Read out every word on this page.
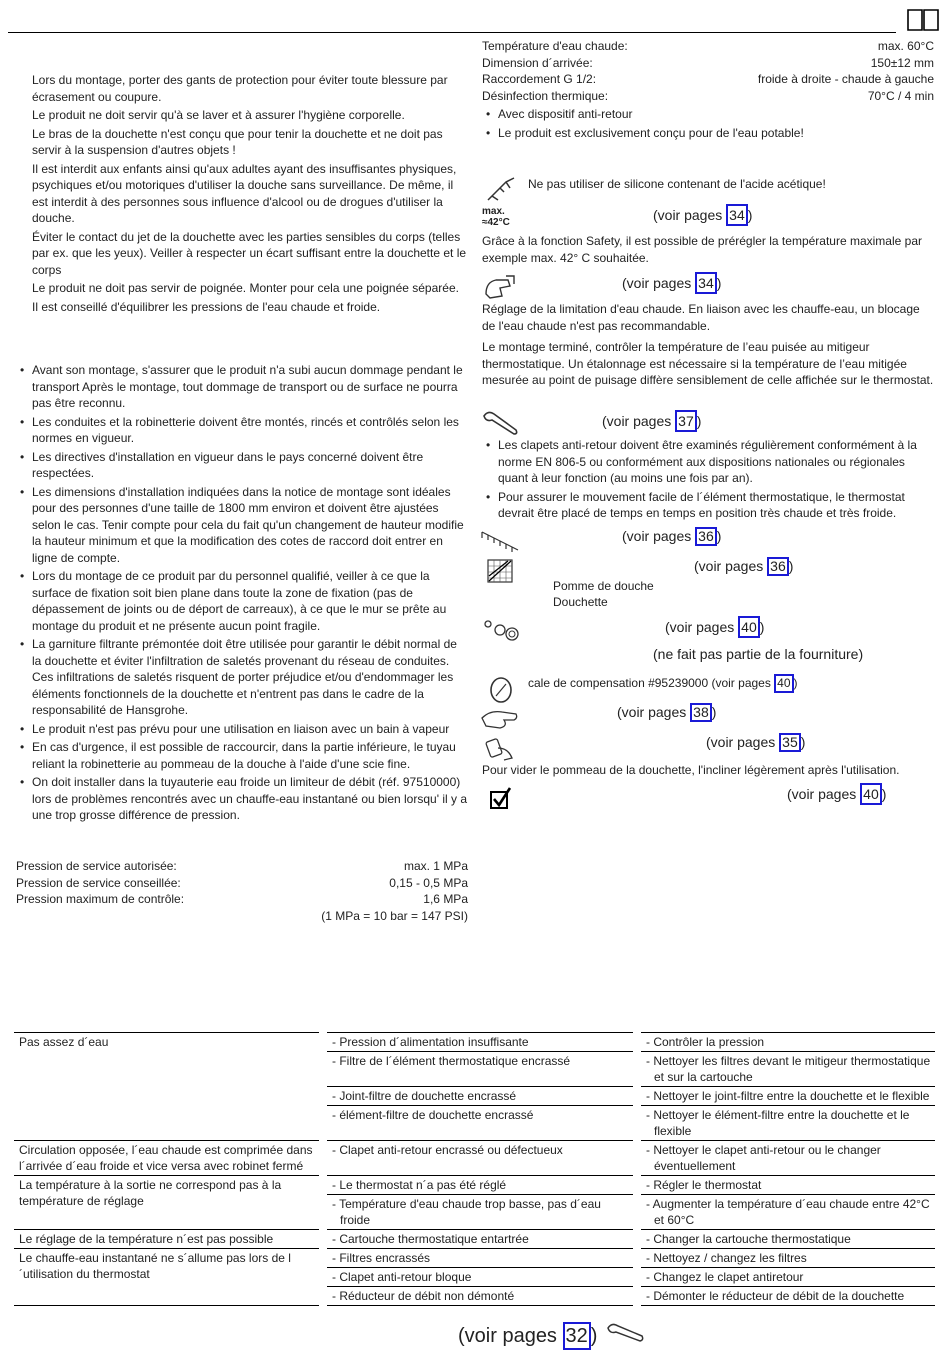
Lors du montage, porter des gants de protection pour éviter toute blessure par écrasement ou coupure.

Le produit ne doit servir qu'à se laver et à assurer l'hygiène corporelle.

Le bras de la douchette n'est conçu que pour tenir la douchette et ne doit pas servir à la suspension d'autres objets !

Il est interdit aux enfants ainsi qu'aux adultes ayant des insuffisantes physiques, psychiques et/ou motoriques d'utiliser la douche sans surveillance. De même, il est interdit à des personnes sous influence d'alcool ou de drogues d'utiliser la douche.

Éviter le contact du jet de la douchette avec les parties sensibles du corps (telles par ex. que les yeux). Veiller à respecter un écart suffisant entre la douchette et le corps

Le produit ne doit pas servir de poignée. Monter pour cela une poignée séparée.

Il est conseillé d'équilibrer les pressions de l'eau chaude et froide.

• Avant son montage, s'assurer que le produit n'a subi aucun dommage pendant le transport Après le montage, tout dommage de transport ou de surface ne pourra pas être reconnu.

• Les conduites et la robinetterie doivent être montés, rincés et contrôlés selon les normes en vigueur.

• Les directives d'installation en vigueur dans le pays concerné doivent être respectées.

• Les dimensions d'installation indiquées dans la notice de montage sont idéales pour des personnes d'une taille de 1800 mm environ et doivent être ajustées selon le cas. Tenir compte pour cela du fait qu'un changement de hauteur modifie la hauteur minimum et que la modification des cotes de raccord doit entrer en ligne de compte.

• Lors du montage de ce produit par du personnel qualifié, veiller à ce que la surface de fixation soit bien plane dans toute la zone de fixation (pas de dépassement de joints ou de déport de carreaux), à ce que le mur se prête au montage du produit et ne présente aucun point fragile.

• La garniture filtrante prémontée doit être utilisée pour garantir le débit normal de la douchette et éviter l'infiltration de saletés provenant du réseau de conduites. Ces infiltrations de saletés risquent de porter préjudice et/ou d'endommager les éléments fonctionnels de la douchette et n'entrent pas dans le cadre de la responsabilité de Hansgrohe.

• Le produit n'est pas prévu pour une utilisation en liaison avec un bain à vapeur

• En cas d'urgence, il est possible de raccourcir, dans la partie inférieure, le tuyau reliant la robinetterie au pommeau de la douche à l'aide d'une scie fine.

• On doit installer dans la tuyauterie eau froide un limiteur de débit (réf. 97510000) lors de problèmes rencontrés avec un chauffe-eau instantané ou bien lorsqu' il y a une trop grosse différence de pression.

Pression de service autorisée:	max. 1 MPa
Pression de service conseillée:	0,15 - 0,5 MPa
Pression maximum de contrôle:	1,6 MPa
(1 MPa = 10 bar = 147 PSI)
Température d'eau chaude:	max. 60°C
Dimension d´arrivée:	150±12 mm
Raccordement G 1/2:	froide à droite - chaude à gauche
Désinfection thermique:	70°C / 4 min

• Avec dispositif anti-retour

• Le produit est exclusivement conçu pour de l'eau potable!

Ne pas utiliser de silicone contenant de l'acide acétique!
max.
≈42°C	(voir pages 34 )
Grâce à la fonction Safety, il est possible de prérégler la température maximale par exemple max. 42° C souhaitée.
(voir pages 34 )
Réglage de la limitation d'eau chaude. En liaison avec les chauffe-eau, un blocage de l'eau chaude n'est pas recommandable.
Le montage terminé, contrôler la température de l’eau puisée au mitigeur thermostatique. Un étalonnage est nécessaire si la température de l’eau mitigée mesurée au point de puisage diffère sensiblement de celle affichée sur le thermostat.
(voir pages 37 )

• Les clapets anti-retour doivent être examinés régulièrement conformément à la norme EN 806-5 ou conformément aux dispositions nationales ou régionales quant à leur fonction (au moins une fois par an).

• Pour assurer le mouvement facile de l´élément thermostatique, le thermostat devrait être placé de temps en temps en position très chaude et très froide.

(voir pages 36 )
(voir pages 36 )
Pomme de douche
Douchette
(voir pages 40 )
(ne fait pas partie de la fourniture)
cale de compensation #95239000 (voir pages 40 )
(voir pages 38 )
(voir pages 35 )
Pour vider le pommeau de la douchette, l'incliner légèrement après l'utilisation.
(voir pages 40 )
Pas assez d´eau	- Pression d´alimentation insuffisante	- Contrôler la pression

	- Filtre de l´élément thermostatique encrassé	- Nettoyer les filtres devant le mitigeur thermostatique et sur la cartouche

	- Joint-filtre de douchette encrassé	- Nettoyer le joint-filtre entre la douchette et le flexible

	- élément-filtre de douchette encrassé	- Nettoyer le élément-filtre entre la douchette et le flexible

Circulation opposée, l´eau chaude est comprimée dans l´arrivée d´eau froide et vice versa avec robinet fermé	- Clapet anti-retour encrassé ou défectueux	- Nettoyer le clapet anti-retour ou le changer éventuellement

La température à la sortie ne correspond pas à la température de réglage	- Le thermostat n´a pas été réglé	- Régler le thermostat

	- Température d'eau chaude trop basse, pas d´eau froide	- Augmenter la température d´eau chaude entre 42°C et 60°C

Le réglage de la température n´est pas possible	- Cartouche thermostatique entartrée	- Changer la cartouche thermostatique

Le chauffe-eau instantané ne s´allume pas lors de l´utilisation du thermostat	- Filtres encrassés	- Nettoyez / changez les filtres

	- Clapet anti-retour bloque	- Changez le clapet antiretour

	- Réducteur de débit non démonté	- Démonter le réducteur de débit de la douchette
(voir pages 32 )
